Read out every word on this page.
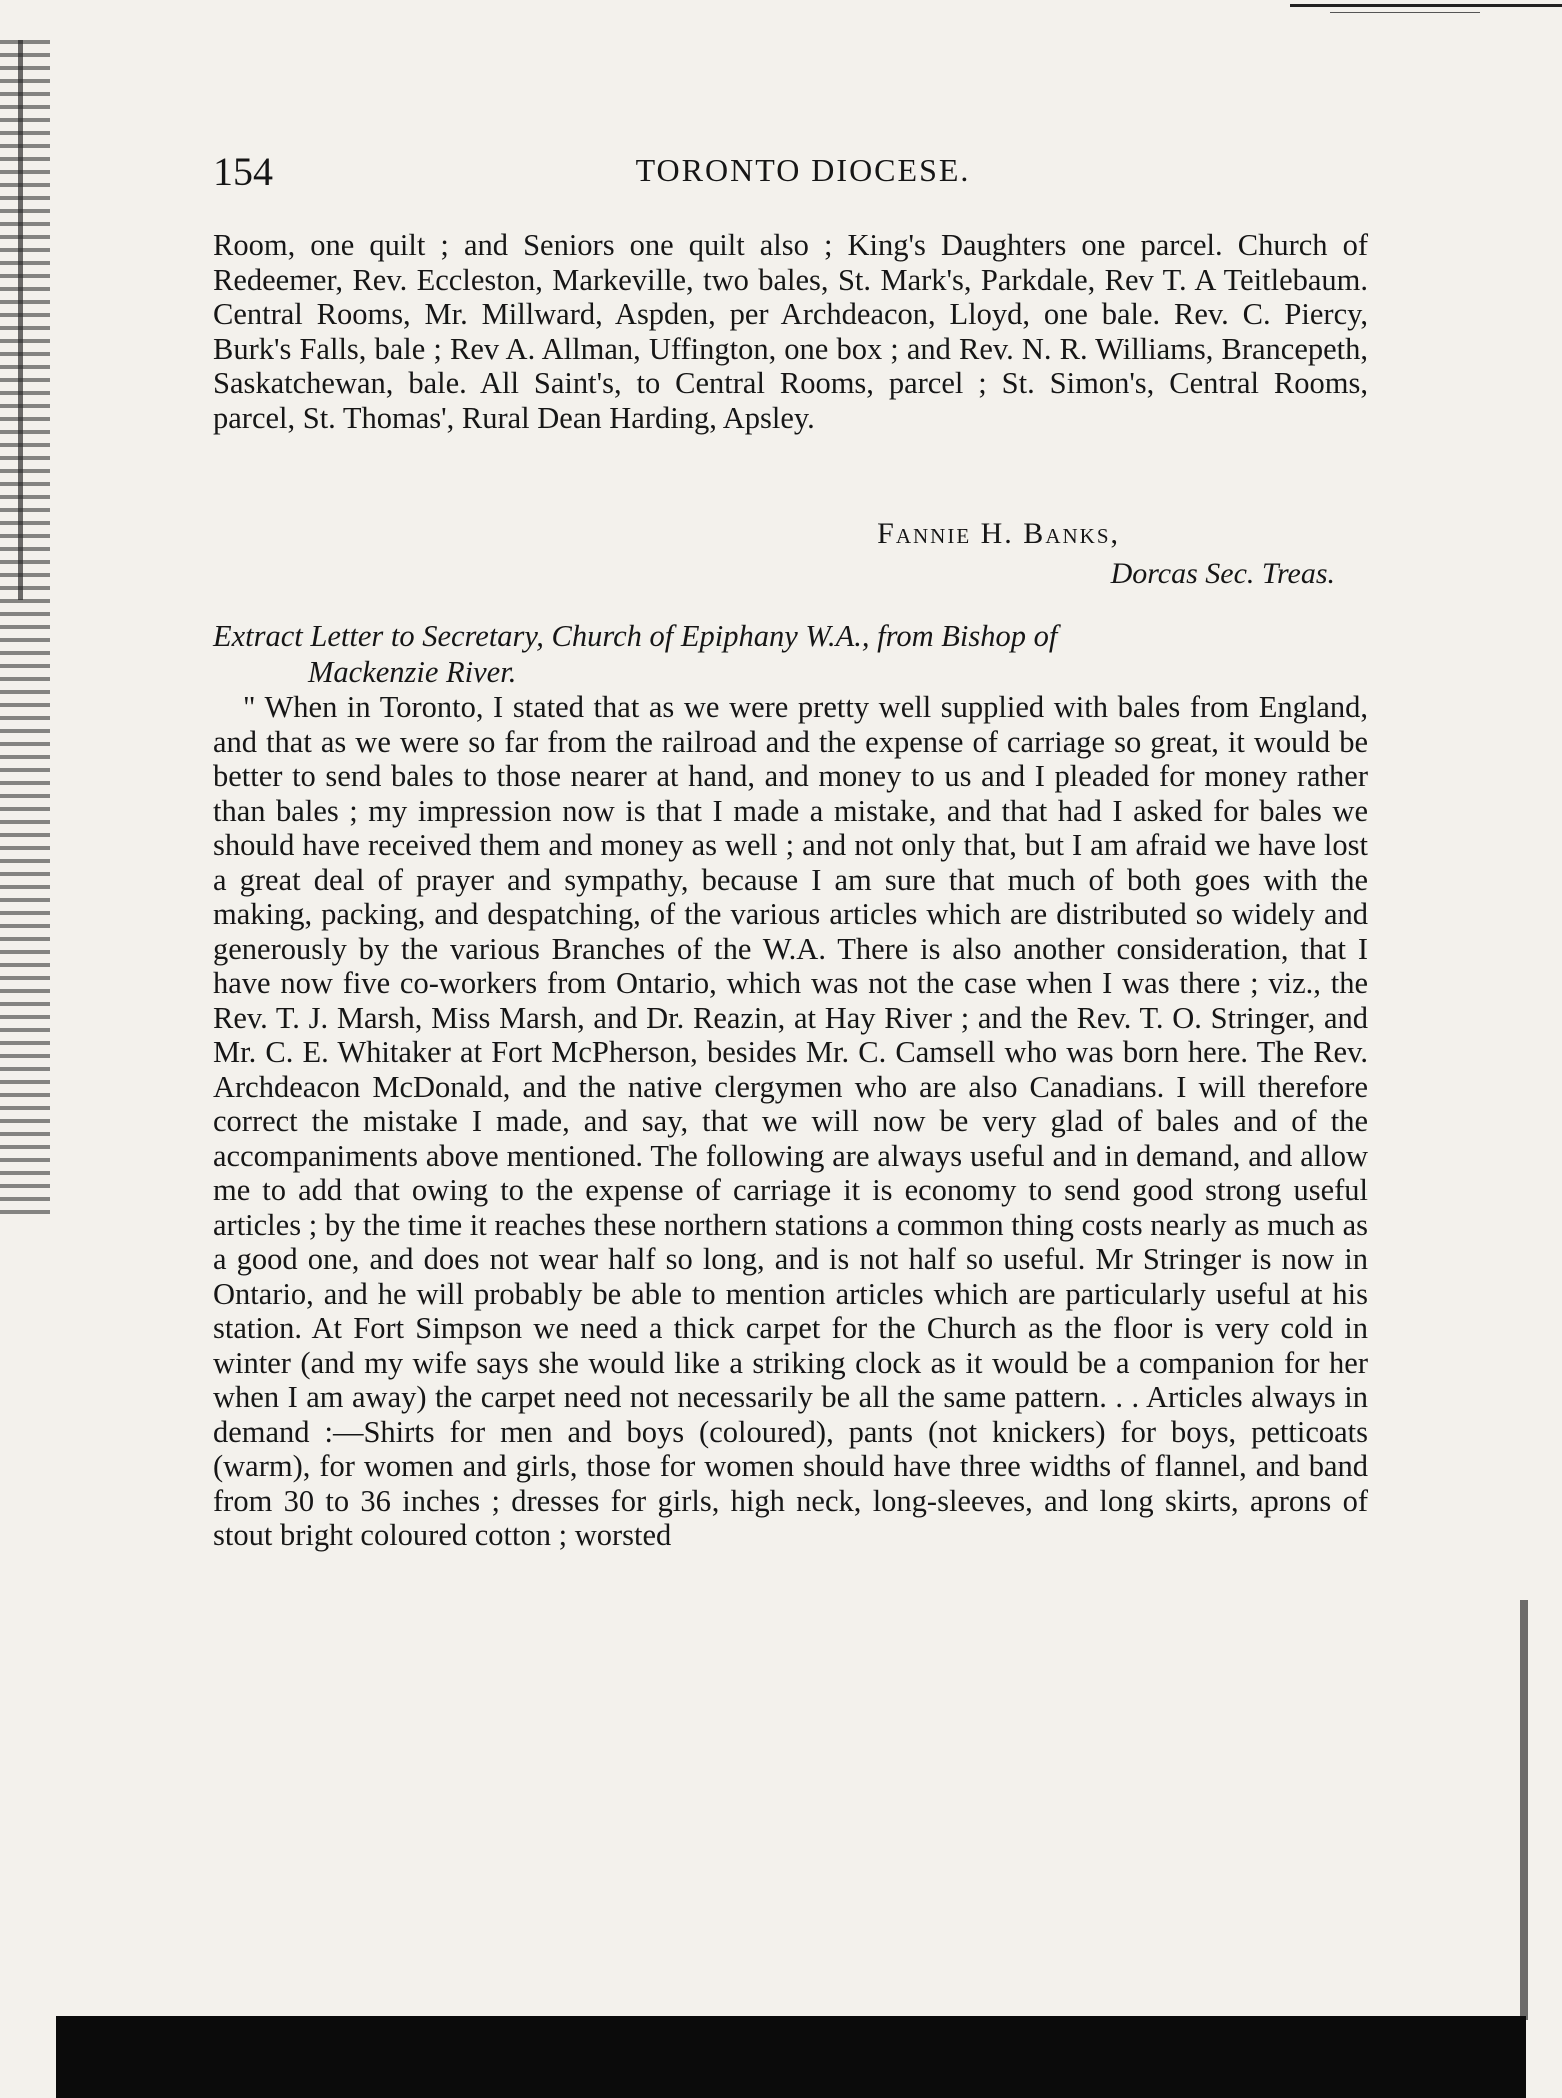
154	TORONTO DIOCESE.
Room, one quilt ; and Seniors one quilt also ; King's Daughters one parcel. Church of Redeemer, Rev. Eccleston, Markeville, two bales, St. Mark's, Parkdale, Rev T. A Teitlebaum. Central Rooms, Mr. Millward, Aspden, per Archdeacon, Lloyd, one bale. Rev. C. Piercy, Burk's Falls, bale ; Rev A. Allman, Uffington, one box ; and Rev. N. R. Williams, Brancepeth, Saskatchewan, bale. All Saint's, to Central Rooms, parcel ; St. Simon's, Central Rooms, parcel, St. Thomas', Rural Dean Harding, Apsley.
Fannie H. Banks,
Dorcas Sec. Treas.
Extract Letter to Secretary, Church of Epiphany W.A., from Bishop of
Mackenzie River.
" When in Toronto, I stated that as we were pretty well supplied with bales from England, and that as we were so far from the railroad and the expense of carriage so great, it would be better to send bales to those nearer at hand, and money to us and I pleaded for money rather than bales ; my impression now is that I made a mistake, and that had I asked for bales we should have received them and money as well ; and not only that, but I am afraid we have lost a great deal of prayer and sympathy, because I am sure that much of both goes with the making, packing, and despatching, of the various articles which are distributed so widely and generously by the various Branches of the W.A. There is also another consideration, that I have now five co-workers from Ontario, which was not the case when I was there ; viz., the Rev. T. J. Marsh, Miss Marsh, and Dr. Reazin, at Hay River ; and the Rev. T. O. Stringer, and Mr. C. E. Whitaker at Fort McPherson, besides Mr. C. Camsell who was born here. The Rev. Archdeacon McDonald, and the native clergymen who are also Canadians. I will therefore correct the mistake I made, and say, that we will now be very glad of bales and of the accompaniments above mentioned. The following are always useful and in demand, and allow me to add that owing to the expense of carriage it is economy to send good strong useful articles ; by the time it reaches these northern stations a common thing costs nearly as much as a good one, and does not wear half so long, and is not half so useful. Mr Stringer is now in Ontario, and he will probably be able to mention articles which are particularly useful at his station. At Fort Simpson we need a thick carpet for the Church as the floor is very cold in winter (and my wife says she would like a striking clock as it would be a companion for her when I am away) the carpet need not necessarily be all the same pattern. . . Articles always in demand :—Shirts for men and boys (coloured), pants (not knickers) for boys, petticoats (warm), for women and girls, those for women should have three widths of flannel, and band from 30 to 36 inches ; dresses for girls, high neck, long-sleeves, and long skirts, aprons of stout bright coloured cotton ; worsted
